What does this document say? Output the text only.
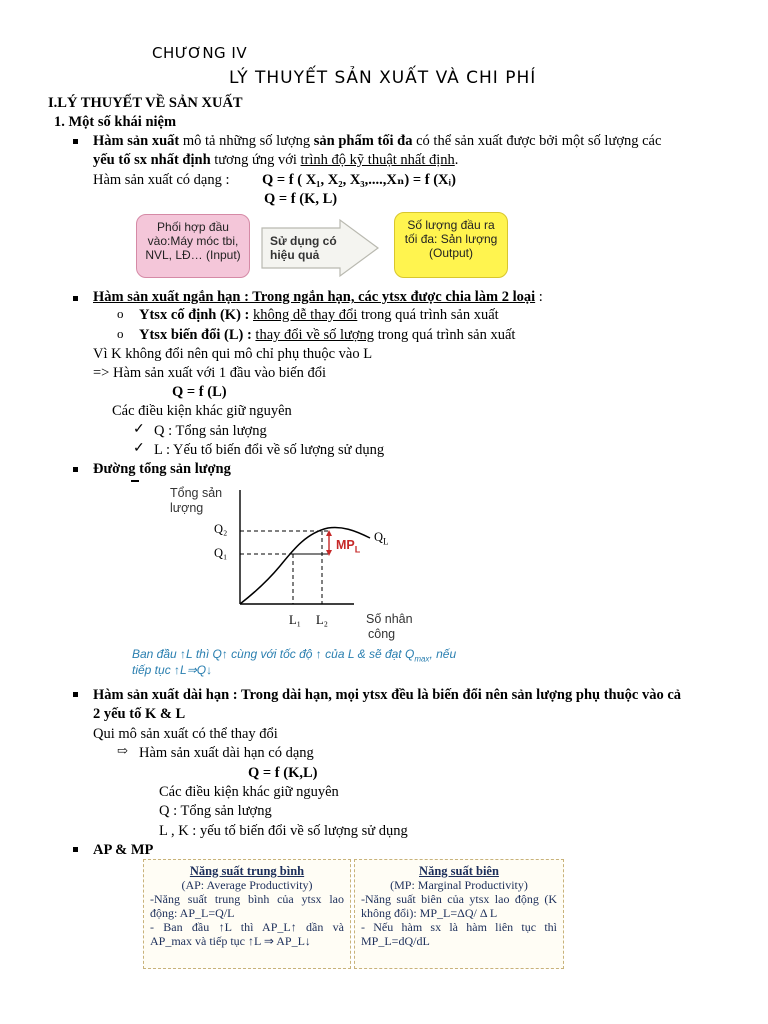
CHƯƠNG IV
LÝ THUYẾT SẢN XUẤT VÀ CHI PHÍ
I.LÝ THUYẾT VỀ SẢN XUẤT
1. Một số khái niệm
Hàm sản xuất mô tả những số lượng sản phẩm tối đa có thể sản xuất được bởi một số lượng các
yếu tố sx nhất định tương ứng với trình độ kỹ thuật nhất định.
Hàm sản xuất có dạng : Q = f ( X₁, X₂, X₃,....,Xₙ) = f (Xᵢ)
Q = f (K, L)
Phối hợp đầu vào:Máy móc tbi, NVL, LĐ… (Input)
Sử dụng có hiệu quả
Số lượng đầu ra tối đa: Sản lượng (Output)
Hàm sản xuất ngắn hạn : Trong ngắn hạn, các ytsx được chia làm 2 loại :
o Ytsx cố định (K) : không dễ thay đổi trong quá trình sản xuất
o Ytsx biến đổi (L) : thay đổi về số lượng trong quá trình sản xuất
Vì K không đổi nên qui mô chỉ phụ thuộc vào L
=> Hàm sản xuất với 1 đầu vào biến đổi
Q = f (L)
Các điều kiện khác giữ nguyên
✓ Q : Tổng sản lượng
✓ L : Yếu tố biến đổi về số lượng sử dụng
Đường tổng sản lượng
Tổng sản
lượng
Q₂
Q₁
$MP_L$
$Q_L$
L₁ L₂	Số nhân
công
Ban đầu ↑L thì Q↑ cùng với tốc độ ↑ của L & sẽ đạt $Q_{max}$, nếu
tiếp tục ↑L⇒Q↓
Hàm sản xuất dài hạn : Trong dài hạn, mọi ytsx đều là biến đổi nên sản lượng phụ thuộc vào cả
2 yếu tố K & L
Qui mô sản xuất có thể thay đổi
⇨ Hàm sản xuất dài hạn có dạng
Q = f (K,L)
Các điều kiện khác giữ nguyên
Q : Tổng sản lượng
L , K : yếu tố biến đổi về số lượng sử dụng
AP & MP
Năng suất trung bình
(AP: Average Productivity)

-Năng suất trung bình của ytsx lao động: AP_L=Q/L

- Ban đầu ↑L thì AP_L↑ dần và AP_max và tiếp tục ↑L ⇒ AP_L↓

Năng suất biên
(MP: Marginal Productivity)

-Năng suất biên của ytsx lao động (K không đổi): MP_L=ΔQ/ Δ L

- Nếu hàm sx là hàm liên tục thì MP_L=dQ/dL
